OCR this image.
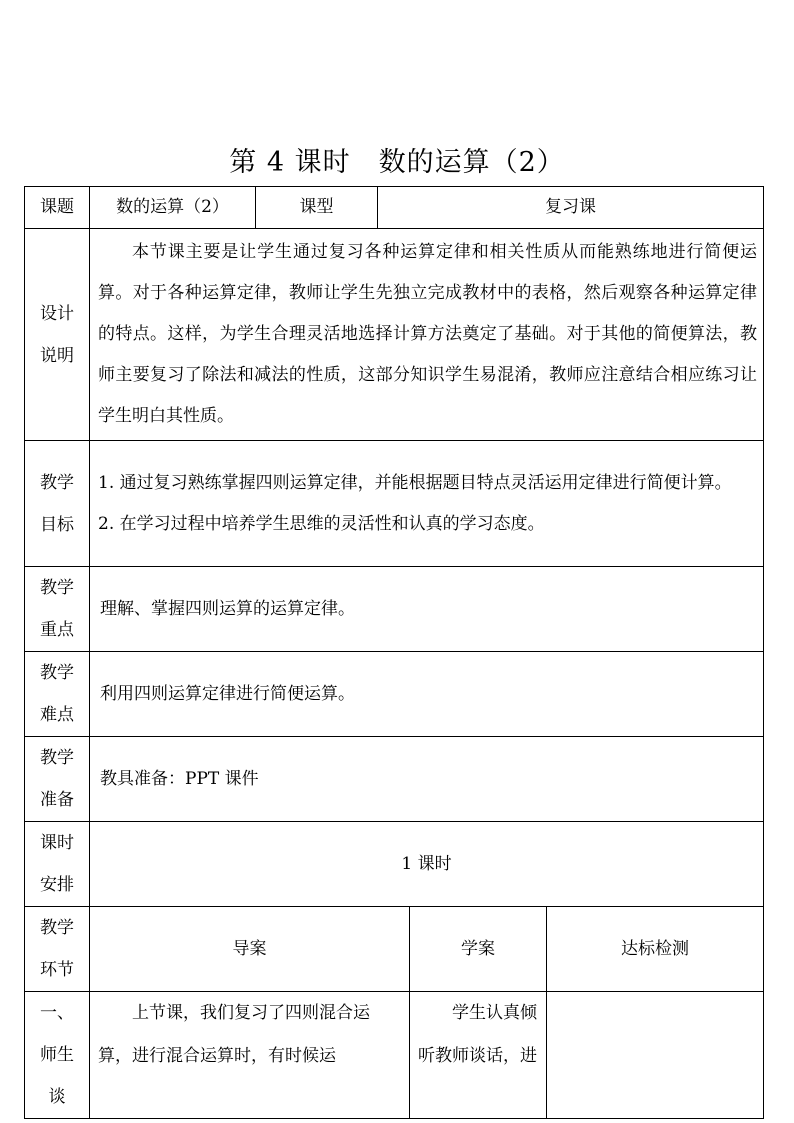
第 4 课时　数的运算（2）
课题	数的运算（2）	课型	复习课		

设计说明	本节课主要是让学生通过复习各种运算定律和相关性质从而能熟练地进行简便运算。对于各种运算定律，教师让学生先独立完成教材中的表格，然后观察各种运算定律的特点。这样，为学生合理灵活地选择计算方法奠定了基础。对于其他的简便算法，教师主要复习了除法和减法的性质，这部分知识学生易混淆，教师应注意结合相应练习让学生明白其性质。				

教学目标	1. 通过复习熟练掌握四则运算定律，并能根据题目特点灵活运用定律进行简便计算。

2. 在学习过程中培养学生思维的灵活性和认真的学习态度。				

教学重点	理解、掌握四则运算的运算定律。				

教学难点	利用四则运算定律进行简便运算。				

教学准备	教具准备：PPT 课件				

课时安排	1 课时				

教学环节	导案			学案	达标检测

一、师生谈	上节课，我们复习了四则混合运算，进行混合运算时，有时候运			学生认真倾听教师谈话，进	
